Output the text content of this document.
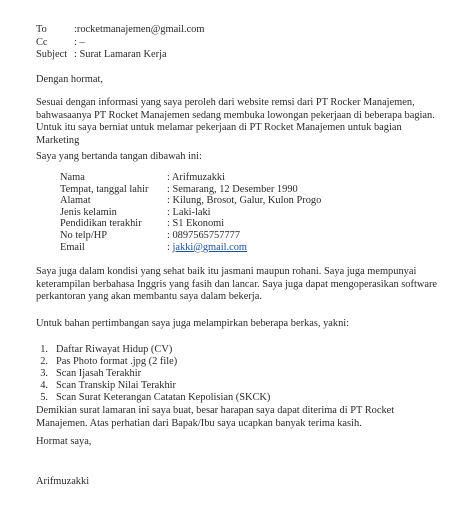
To	:rocketmanajemen@gmail.com
Cc	: –
Subject : Surat Lamaran Kerja
Dengan hormat,
Sesuai dengan informasi yang saya peroleh dari website remsi dari PT Rocker Manajemen, bahwasaanya PT Rocket Manajemen sedang membuka lowongan pekerjaan di beberapa bagian. Untuk itu saya berniat untuk melamar pekerjaan di PT Rocket Manajemen untuk bagian Marketing
Saya yang bertanda tangan dibawah ini:
Nama	: Arifmuzakki
Tempat, tanggal lahir : Semarang, 12 Desember 1990
Alamat	: Kilung, Brosot, Galur, Kulon Progo
Jenis kelamin	: Laki-laki
Pendidikan terakhir : S1 Ekonomi
No telp/HP	: 0897565757777
Email	: jakki@gmail.com
Saya juga dalam kondisi yang sehat baik itu jasmani maupun rohani. Saya juga mempunyai keterampilan berbahasa Inggris yang fasih dan lancar. Saya juga dapat mengoperasikan software perkantoran yang akan membantu saya dalam bekerja.
Untuk bahan pertimbangan saya juga melampirkan beberapa berkas, yakni:
1. Daftar Riwayat Hidup (CV)
2. Pas Photo format .jpg (2 file)
3. Scan Ijasah Terakhir
4. Scan Transkip Nilai Terakhir
5. Scan Surat Keterangan Catatan Kepolisian (SKCK)
Demikian surat lamaran ini saya buat, besar harapan saya dapat diterima di PT Rocket Manajemen. Atas perhatian dari Bapak/Ibu saya ucapkan banyak terima kasih.
Hormat saya,
Arifmuzakki
